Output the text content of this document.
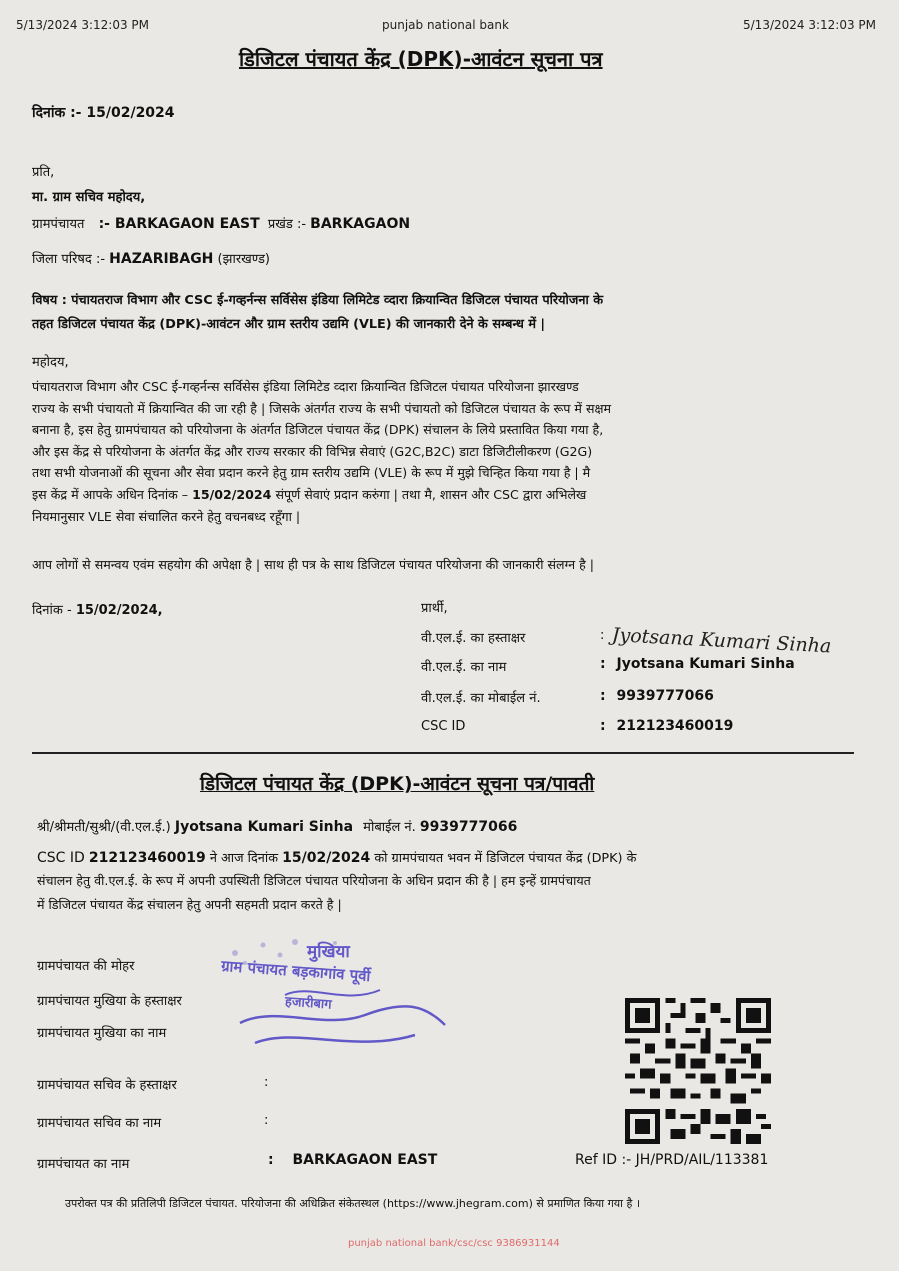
5/13/2024 3:12:03 PM	punjab national bank	5/13/2024 3:12:03 PM
डिजिटल पंचायत केंद्र (DPK)-आवंटन सूचना पत्र
दिनांक :- 15/02/2024
प्रति,
मा. ग्राम सचिव महोदय,
ग्रामपंचायत :- BARKAGAON EAST प्रखंड :- BARKAGAON
जिला परिषद :- HAZARIBAGH (झारखण्ड)
विषय : पंचायतराज विभाग और CSC ई-गव्हर्नन्स सर्विसेस इंडिया लिमिटेड व्दारा क्रियान्वित डिजिटल पंचायत परियोजना के
तहत डिजिटल पंचायत केंद्र (DPK)-आवंटन और ग्राम स्तरीय उद्यमि (VLE) की जानकारी देने के सम्बन्ध में |
महोदय,
पंचायतराज विभाग और CSC ई-गव्हर्नन्स सर्विसेस इंडिया लिमिटेड व्दारा क्रियान्वित डिजिटल पंचायत परियोजना झारखण्ड
राज्य के सभी पंचायतो में क्रियान्वित की जा रही है | जिसके अंतर्गत राज्य के सभी पंचायतो को डिजिटल पंचायत के रूप में सक्षम
बनाना है, इस हेतु ग्रामपंचायत को परियोजना के अंतर्गत डिजिटल पंचायत केंद्र (DPK) संचालन के लिये प्रस्तावित किया गया है,
और इस केंद्र से परियोजना के अंतर्गत केंद्र और राज्य सरकार की विभिन्न सेवाएं (G2C,B2C) डाटा डिजिटीलीकरण (G2G)
तथा सभी योजनाओं की सूचना और सेवा प्रदान करने हेतु ग्राम स्तरीय उद्यमि (VLE) के रूप में मुझे चिन्हित किया गया है | मै
इस केंद्र में आपके अधिन दिनांक – 15/02/2024 संपूर्ण सेवाएं प्रदान करुंगा | तथा मै, शासन और CSC द्वारा अभिलेख
नियमानुसार VLE सेवा संचालित करने हेतु वचनबध्द रहूँगा |
आप लोगों से समन्वय एवंम सहयोग की अपेक्षा है | साथ ही पत्र के साथ डिजिटल पंचायत परियोजना की जानकारी संलग्न है |
दिनांक - 15/02/2024,	प्रार्थी,
वी.एल.ई. का हस्ताक्षर	: Jyotsana Kumari Sinha
वी.एल.ई. का नाम	: Jyotsana Kumari Sinha
वी.एल.ई. का मोबाईल नं.	: 9939777066
CSC ID	: 212123460019
डिजिटल पंचायत केंद्र (DPK)-आवंटन सूचना पत्र/पावती
श्री/श्रीमती/सुश्री/(वी.एल.ई.) Jyotsana Kumari Sinha मोबाईल नं. 9939777066
CSC ID 212123460019 ने आज दिनांक 15/02/2024 को ग्रामपंचायत भवन में डिजिटल पंचायत केंद्र (DPK) के
संचालन हेतु वी.एल.ई. के रूप में अपनी उपस्थिती डिजिटल पंचायत परियोजना के अधिन प्रदान की है | हम इन्हें ग्रामपंचायत
में डिजिटल पंचायत केंद्र संचालन हेतु अपनी सहमती प्रदान करते है |
ग्रामपंचायत की मोहर
ग्रामपंचायत मुखिया के हस्ताक्षर
ग्रामपंचायत मुखिया का नाम
ग्रामपंचायत सचिव के हस्ताक्षर	:
ग्रामपंचायत सचिव का नाम	:
ग्रामपंचायत का नाम	: BARKAGAON EAST	Ref ID :- JH/PRD/AIL/113381
मुखिया
ग्राम पंचायत बड़कागांव पूर्वी
हजारीबाग
उपरोक्त पत्र की प्रतिलिपी डिजिटल पंचायत. परियोजना की अधिक्रित संकेतस्थल (https://www.jhegram.com) से प्रमाणित किया गया है ।
punjab national bank/csc/csc 9386931144
